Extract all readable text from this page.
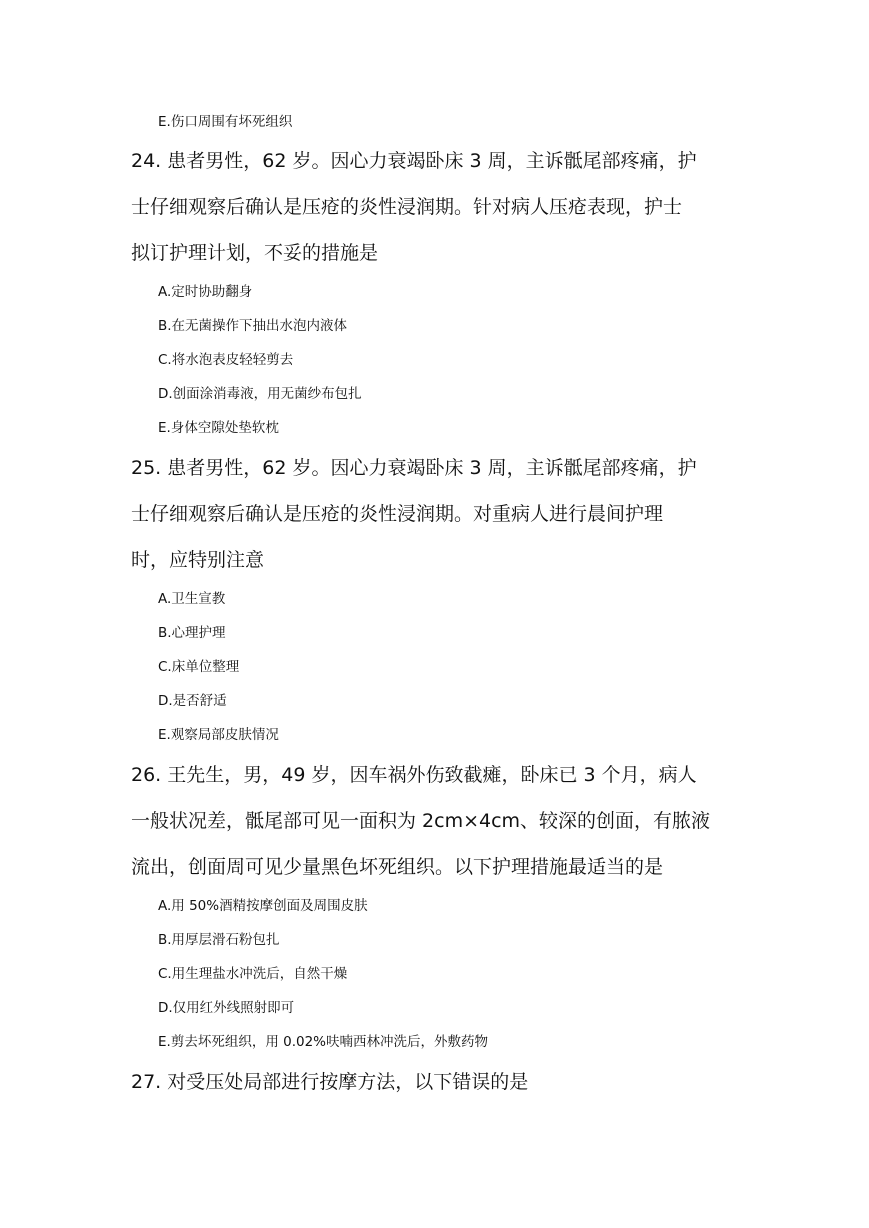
E.伤口周围有坏死组织
24. 患者男性，62 岁。因心力衰竭卧床 3 周，主诉骶尾部疼痛，护
士仔细观察后确认是压疮的炎性浸润期。针对病人压疮表现，护士
拟订护理计划，不妥的措施是
A.定时协助翻身
B.在无菌操作下抽出水泡内液体
C.将水泡表皮轻轻剪去
D.创面涂消毒液，用无菌纱布包扎
E.身体空隙处垫软枕
25. 患者男性，62 岁。因心力衰竭卧床 3 周，主诉骶尾部疼痛，护
士仔细观察后确认是压疮的炎性浸润期。对重病人进行晨间护理
时，应特别注意
A.卫生宣教
B.心理护理
C.床单位整理
D.是否舒适
E.观察局部皮肤情况
26. 王先生，男，49 岁，因车祸外伤致截瘫，卧床已 3 个月，病人
一般状况差，骶尾部可见一面积为 2cm×4cm、较深的创面，有脓液
流出，创面周可见少量黑色坏死组织。以下护理措施最适当的是
A.用 50%酒精按摩创面及周围皮肤
B.用厚层滑石粉包扎
C.用生理盐水冲洗后，自然干燥
D.仅用红外线照射即可
E.剪去坏死组织，用 0.02%呋喃西林冲洗后，外敷药物
27. 对受压处局部进行按摩方法，以下错误的是
